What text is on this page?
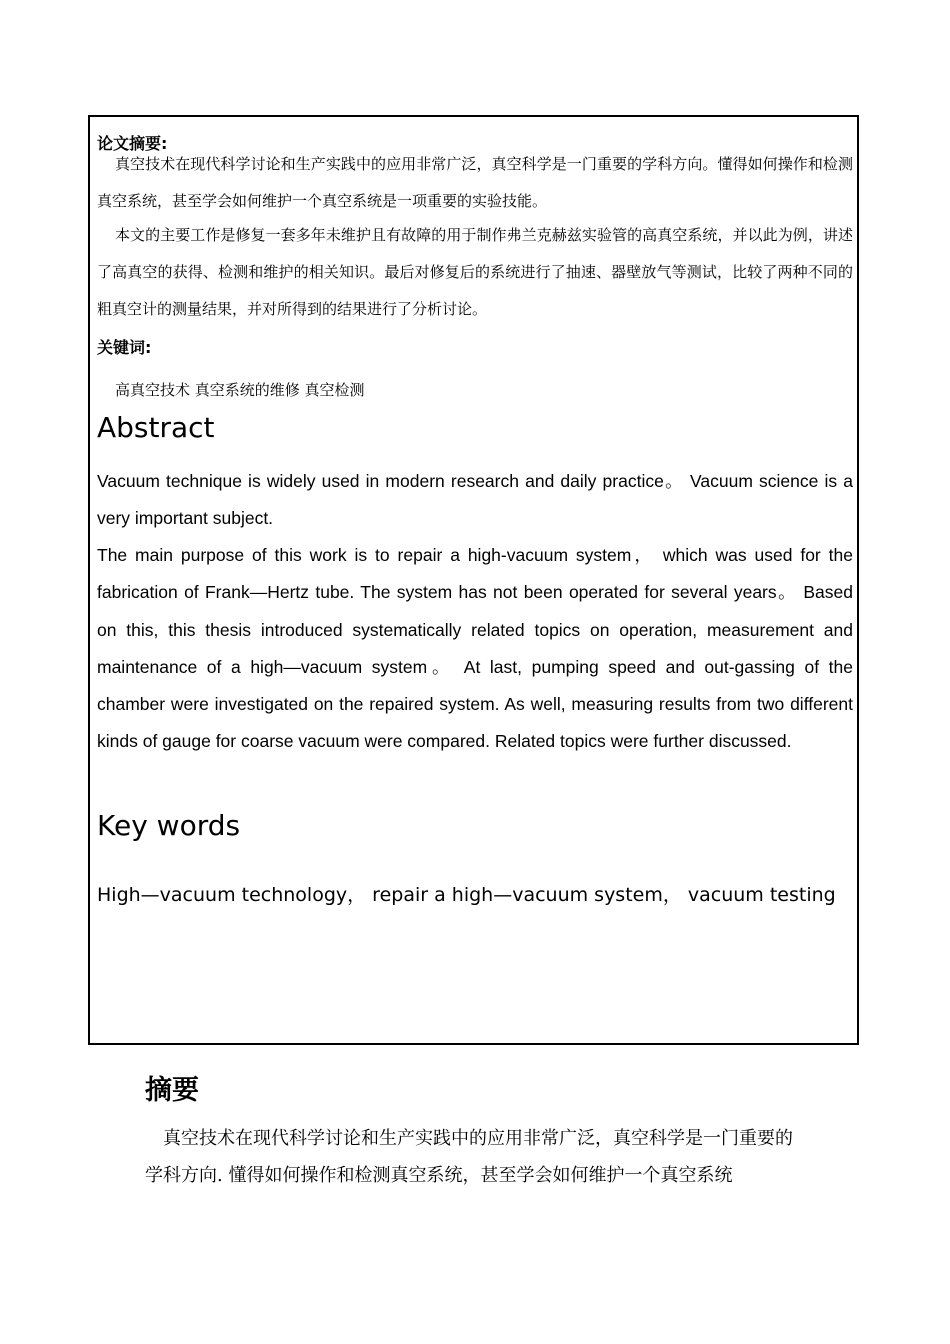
论文摘要:
真空技术在现代科学讨论和生产实践中的应用非常广泛，真空科学是一门重要的学科方向。懂得如何操作和检测真空系统，甚至学会如何维护一个真空系统是一项重要的实验技能。
本文的主要工作是修复一套多年未维护且有故障的用于制作弗兰克赫兹实验管的高真空系统，并以此为例，讲述了高真空的获得、检测和维护的相关知识。最后对修复后的系统进行了抽速、器壁放气等测试，比较了两种不同的粗真空计的测量结果，并对所得到的结果进行了分析讨论。
关键词:
高真空技术 真空系统的维修 真空检测
Abstract
Vacuum technique is widely used in modern research and daily practice。 Vacuum science is a very important subject.
The main purpose of this work is to repair a high-vacuum system， which was used for the fabrication of Frank—Hertz tube. The system has not been operated for several years。 Based on this, this thesis introduced systematically related topics on operation, measurement and maintenance of a high—vacuum system。 At last, pumping speed and out-gassing of the chamber were investigated on the repaired system. As well, measuring results from two different kinds of gauge for coarse vacuum were compared. Related topics were further discussed.
Key words
High—vacuum technology， repair a high—vacuum system， vacuum testing
摘要
真空技术在现代科学讨论和生产实践中的应用非常广泛，真空科学是一门重要的学科方向. 懂得如何操作和检测真空系统，甚至学会如何维护一个真空系统
